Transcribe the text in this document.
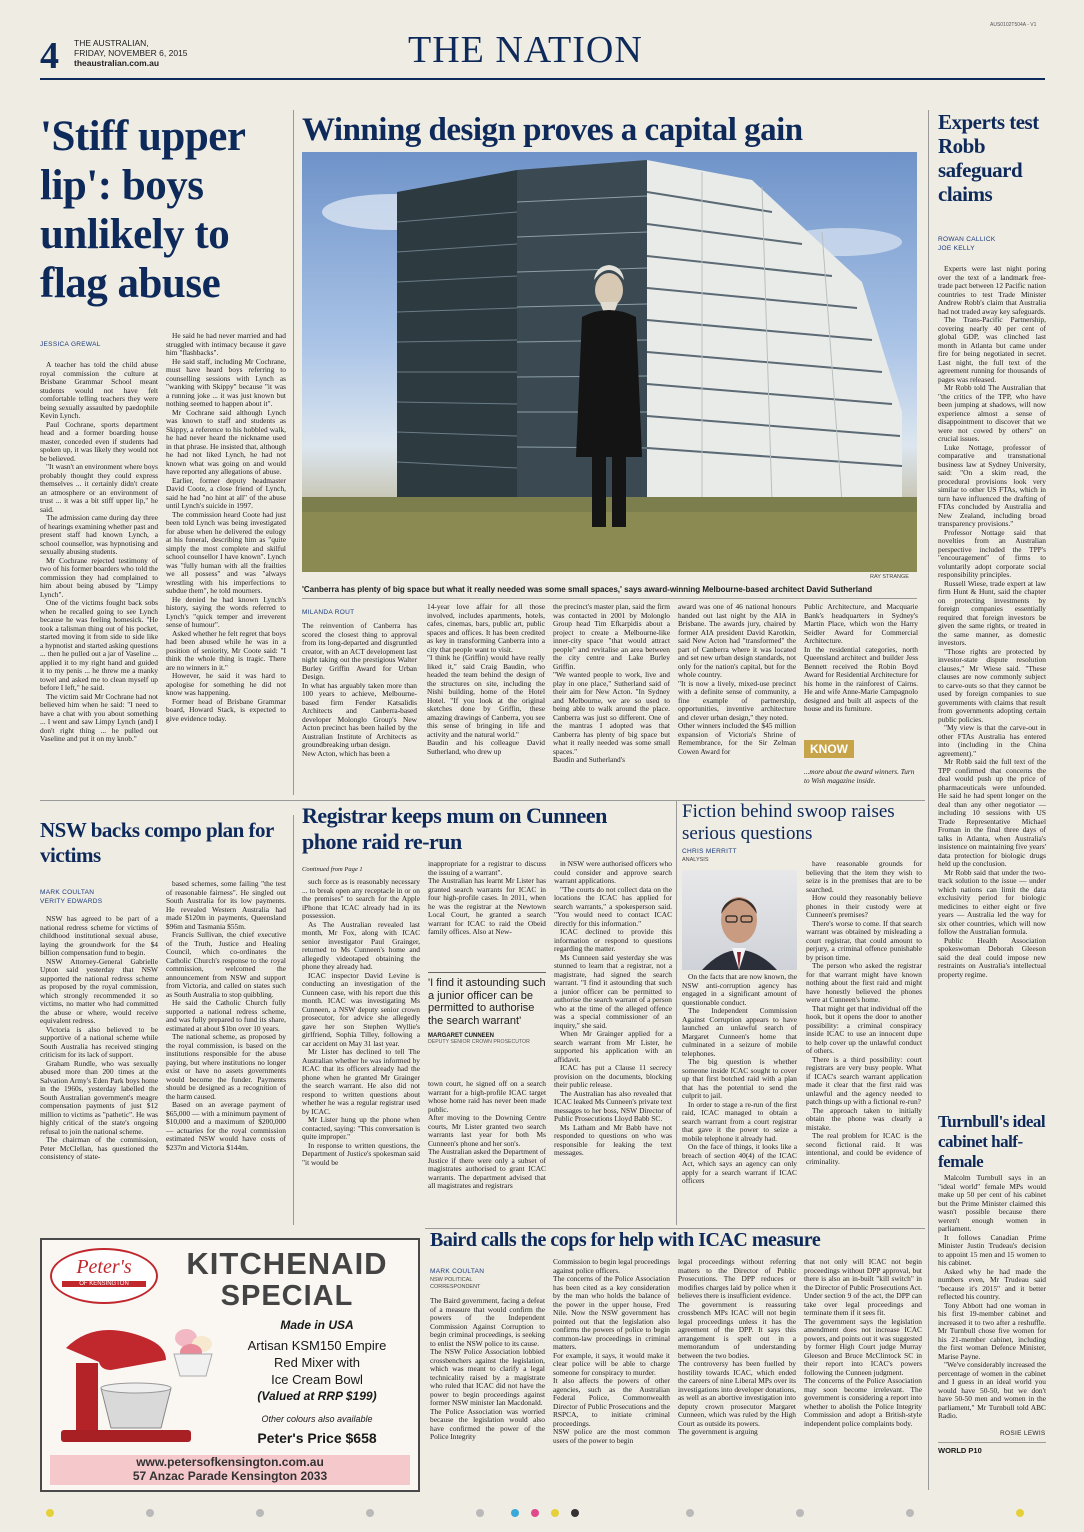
4 THE AUSTRALIAN,
FRIDAY, NOVEMBER 6, 2015
theaustralian.com.au	THE NATION
AUS0102T504A - V1
'Stiff upper lip': boys unlikely to flag abuse
JESSICA GREWAL

A teacher has told the child abuse royal commission the culture at Brisbane Grammar School meant students would not have felt comfortable telling teachers they were being sexually assaulted by paedophile Kevin Lynch.

Paul Cochrane, sports department head and a former boarding house master, conceded even if students had spoken up, it was likely they would not be believed.

"It wasn't an environment where boys probably thought they could express themselves ... it certainly didn't create an atmosphere or an environment of trust ... it was a bit stiff upper lip," he said.

The admission came during day three of hearings examining whether past and present staff had known Lynch, a school counsellor, was hypnotising and sexually abusing students.

Mr Cochrane rejected testimony of two of his former boarders who told the commission they had complained to him about being abused by "Limpy Lynch".

One of the victims fought back sobs when he recalled going to see Lynch because he was feeling homesick. "He took a talisman thing out of his pocket, started moving it from side to side like a hypnotist and started asking questions ... then he pulled out a jar of Vaseline ... applied it to my right hand and guided it to my penis ... he threw me a manky towel and asked me to clean myself up before I left," he said.

The victim said Mr Cochrane had not believed him when he said: "I need to have a chat with you about something ... I went and saw Limpy Lynch (and) I don't right thing ... he pulled out Vaseline and put it on my knob."

He said he had never married and had struggled with intimacy because it gave him "flashbacks".

He said staff, including Mr Cochrane, must have heard boys referring to counselling sessions with Lynch as "wanking with Skippy" because "it was a running joke ... it was just known but nothing seemed to happen about it".

Mr Cochrane said although Lynch was known to staff and students as Skippy, a reference to his hobbled walk, he had never heard the nickname used in that phrase. He insisted that, although he had not liked Lynch, he had not known what was going on and would have reported any allegations of abuse.

Earlier, former deputy headmaster David Coote, a close friend of Lynch, said he had "no hint at all" of the abuse until Lynch's suicide in 1997.

The commission heard Coote had just been told Lynch was being investigated for abuse when he delivered the eulogy at his funeral, describing him as "quite simply the most complete and skilful school counsellor I have known". Lynch was "fully human with all the frailties we all possess" and was "always wrestling with his imperfections to subdue them", he told mourners.

He denied he had known Lynch's history, saying the words referred to Lynch's "quick temper and irreverent sense of humour".

Asked whether he felt regret that boys had been abused while he was in a position of seniority, Mr Coote said: "I think the whole thing is tragic. There are no winners in it."

However, he said it was hard to apologise for something he did not know was happening.

Former head of Brisbane Grammar board, Howard Stack, is expected to give evidence today.

Winning design proves a capital gain
'Canberra has plenty of big space but what it really needed was some small spaces,' says award-winning Melbourne-based architect David Sutherland
RAY STRANGE
MILANDA ROUT
The reinvention of Canberra has scored the closest thing to approval from its long-departed and disgruntled creator, with an ACT development last night taking out the prestigious Walter Burley Griffin Award for Urban Design.
In what has arguably taken more than 100 years to achieve, Melbourne-based firm Fender Katsalidis Architects and Canberra-based developer Molonglo Group's New Acton precinct has been hailed by the Australian Institute of Architects as groundbreaking urban design.
New Acton, which has been a
14-year love affair for all those involved, includes apartments, hotels, cafes, cinemas, bars, public art, public spaces and offices. It has been credited as key in transforming Canberra into a city that people want to visit.
"I think he (Griffin) would have really liked it," said Craig Baudin, who headed the team behind the design of the structures on site, including the Nishi building, home of the Hotel Hotel. "If you look at the original sketches done by Griffin, these amazing drawings of Canberra, you see this sense of bringing in life and activity and the natural world."
Baudin and his colleague David Sutherland, who drew up
the precinct's master plan, said the firm was contacted in 2001 by Molonglo Group head Tim Efkarpidis about a project to create a Melbourne-like inner-city space "that would attract people" and revitalise an area between the city centre and Lake Burley Griffin.
"We wanted people to work, live and play in one place," Sutherland said of their aim for New Acton. "In Sydney and Melbourne, we are so used to being able to walk around the place. Canberra was just so different. One of the mantras I adopted was that Canberra has plenty of big space but what it really needed was some small spaces."
Baudin and Sutherland's
award was one of 46 national honours handed out last night by the AIA in Brisbane. The awards jury, chaired by former AIA president David Karotkin, said New Acton had "transformed" the part of Canberra where it was located and set new urban design standards, not only for the nation's capital, but for the whole country.
"It is now a lively, mixed-use precinct with a definite sense of community, a fine example of partnership, opportunities, inventive architecture and clever urban design," they noted.
Other winners included the $45 million expansion of Victoria's Shrine of Remembrance, for the Sir Zelman Cowen Award for
Public Architecture, and Macquarie Bank's headquarters in Sydney's Martin Place, which won the Harry Seidler Award for Commercial Architecture.
In the residential categories, north Queensland architect and builder Jess Bennett received the Robin Boyd Award for Residential Architecture for his home in the rainforest of Cairns. He and wife Anne-Marie Campagnolo designed and built all aspects of the house and its furniture.
KNOW
...more about the award winners. Turn to Wish magazine inside.
Experts test Robb safeguard claims
ROWAN CALLICK
JOE KELLY

Experts were last night poring over the text of a landmark free-trade pact between 12 Pacific nation countries to test Trade Minister Andrew Robb's claim that Australia had not traded away key safeguards.

The Trans-Pacific Partnership, covering nearly 40 per cent of global GDP, was clinched last month in Atlanta but came under fire for being negotiated in secret. Last night, the full text of the agreement running for thousands of pages was released.

Mr Robb told The Australian that "the critics of the TPP, who have been jumping at shadows, will now experience almost a sense of disappointment to discover that we were not cowed by others" on crucial issues.

Luke Nottage, professor of comparative and transnational business law at Sydney University, said: "On a skim read, the procedural provisions look very similar to other US FTAs, which in turn have influenced the drafting of FTAs concluded by Australia and New Zealand, including broad transparency provisions."

Professor Nottage said that novelties from an Australian perspective included the TPP's "encouragement" of firms to voluntarily adopt corporate social responsibility principles.

Russell Wiese, trade expert at law firm Hunt & Hunt, said the chapter on protecting investments by foreign companies essentially required that foreign investors be given the same rights, or treated in the same manner, as domestic investors.

"Those rights are protected by investor-state dispute resolution clauses," Mr Wiese said. "These clauses are now commonly subject to carve-outs so that they cannot be used by foreign companies to sue governments with claims that result from governments adopting certain public policies.

"My view is that the carve-out in other FTAs Australia has entered into (including in the China agreement)."

Mr Robb said the full text of the TPP confirmed that concerns the deal would push up the price of pharmaceuticals were unfounded. He said he had spent longer on the deal than any other negotiator — including 10 sessions with US Trade Representative Michael Froman in the final three days of talks in Atlanta, when Australia's insistence on maintaining five years' data protection for biologic drugs held up the conclusion.

Mr Robb said that under the two-track solution to the issue — under which nations can limit the data exclusivity period for biologic medicines to either eight or five years — Australia led the way for six other countries, which will now follow the Australian formula.

Public Health Association spokeswoman Deborah Gleeson said the deal could impose new restraints on Australia's intellectual property regime.

NSW backs compo plan for victims
MARK COULTAN
VERITY EDWARDS

NSW has agreed to be part of a national redress scheme for victims of childhood institutional sexual abuse, laying the groundwork for the $4 billion compensation fund to begin.

NSW Attorney-General Gabrielle Upton said yesterday that NSW supported the national redress scheme as proposed by the royal commission, which strongly recommended it so victims, no matter who had committed the abuse or where, would receive equivalent redress.

Victoria is also believed to be supportive of a national scheme while South Australia has received stinging criticism for its lack of support.

Graham Rundle, who was sexually abused more than 200 times at the Salvation Army's Eden Park boys home in the 1960s, yesterday labelled the South Australian government's meagre compensation payments of just $12 million to victims as "pathetic". He was highly critical of the state's ongoing refusal to join the national scheme.

The chairman of the commission, Peter McClellan, has questioned the consistency of state-

based schemes, some failing "the test of reasonable fairness". He singled out South Australia for its low payments. He revealed Western Australia had made $120m in payments, Queensland $96m and Tasmania $55m.

Francis Sullivan, the chief executive of the Truth, Justice and Healing Council, which co-ordinates the Catholic Church's response to the royal commission, welcomed the announcement from NSW and support from Victoria, and called on states such as South Australia to stop quibbling.

He said the Catholic Church fully supported a national redress scheme, and was fully prepared to fund its share, estimated at about $1bn over 10 years.

The national scheme, as proposed by the royal commission, is based on the institutions responsible for the abuse paying, but where institutions no longer exist or have no assets governments would become the funder. Payments should be designed as a recognition of the harm caused.

Based on an average payment of $65,000 — with a minimum payment of $10,000 and a maximum of $200,000 — actuaries for the royal commission estimated NSW would have costs of $237m and Victoria $144m.

Registrar keeps mum on Cunneen phone raid re-run
Continued from Page 1

such force as is reasonably necessary ... to break open any receptacle in or on the premises" to search for the Apple iPhone that ICAC already had in its possession.

As The Australian revealed last month, Mr Fox, along with ICAC senior investigator Paul Grainger, returned to Ms Cunneen's home and allegedly videotaped obtaining the phone they already had.

ICAC inspector David Levine is conducting an investigation of the Cunneen case, with his report due this month. ICAC was investigating Ms Cunneen, a NSW deputy senior crown prosecutor, for advice she allegedly gave her son Stephen Wyllie's girlfriend, Sophia Tilley, following a car accident on May 31 last year.

Mr Lister has declined to tell The Australian whether he was informed by ICAC that its officers already had the phone when he granted Mr Grainger the search warrant. He also did not respond to written questions about whether he was a regular registrar used by ICAC.

Mr Lister hung up the phone when contacted, saying: "This conversation is quite improper."

In response to written questions, the Department of Justice's spokesman said "it would be

inappropriate for a registrar to discuss the issuing of a warrant".
The Australian has learnt Mr Lister has granted search warrants for ICAC in four high-profile cases. In 2011, when he was the registrar at the Newtown Local Court, he granted a search warrant for ICAC to raid the Obeid family offices. Also at New-
'I find it astounding such a junior officer can be permitted to authorise the search warrant'
MARGARET CUNNEEN
DEPUTY SENIOR CROWN PROSECUTOR
town court, he signed off on a search warrant for a high-profile ICAC target whose home raid has never been made public.
After moving to the Downing Centre courts, Mr Lister granted two search warrants last year for both Ms Cunneen's phone and her son's.
The Australian asked the Department of Justice if there were only a subset of magistrates authorised to grant ICAC warrants. The department advised that all magistrates and registrars

in NSW were authorised officers who could consider and approve search warrant applications.

"The courts do not collect data on the locations the ICAC has applied for search warrants," a spokesperson said. "You would need to contact ICAC directly for this information."

ICAC declined to provide this information or respond to questions regarding the matter.

Ms Cunneen said yesterday she was stunned to learn that a registrar, not a magistrate, had signed the search warrant. "I find it astounding that such a junior officer can be permitted to authorise the search warrant of a person who at the time of the alleged offence was a special commissioner of an inquiry," she said.

When Mr Grainger applied for a search warrant from Mr Lister, he supported his application with an affidavit.

ICAC has put a Clause 11 secrecy provision on the documents, blocking their public release.

The Australian has also revealed that ICAC leaked Ms Cunneen's private text messages to her boss, NSW Director of Public Prosecutions Lloyd Babb SC.

Ms Latham and Mr Babb have not responded to questions on who was responsible for leaking the text messages.

Fiction behind swoop raises serious questions
CHRIS MERRITT
ANALYSIS

On the facts that are now known, the NSW anti-corruption agency has engaged in a significant amount of questionable conduct.

The Independent Commission Against Corruption appears to have launched an unlawful search of Margaret Cunneen's home that culminated in a seizure of mobile telephones.

The big question is whether someone inside ICAC sought to cover up that first botched raid with a plan that has the potential to send the culprit to jail.

In order to stage a re-run of the first raid, ICAC managed to obtain a search warrant from a court registrar that gave it the power to seize a mobile telephone it already had.

On the face of things, it looks like a breach of section 40(4) of the ICAC Act, which says an agency can only apply for a search warrant if ICAC officers

have reasonable grounds for believing that the item they wish to seize is in the premises that are to be searched.

How could they reasonably believe phones in their custody were at Cunneen's premises?

There's worse to come. If that search warrant was obtained by misleading a court registrar, that could amount to perjury, a criminal offence punishable by prison time.

The person who asked the registrar for that warrant might have known nothing about the first raid and might have honestly believed the phones were at Cunneen's home.

That might get that individual off the hook, but it opens the door to another possibility: a criminal conspiracy inside ICAC to use an innocent dupe to help cover up the unlawful conduct of others.

There is a third possibility: court registrars are very busy people. What if ICAC's search warrant application made it clear that the first raid was unlawful and the agency needed to patch things up with a fictional re-run?

The approach taken to initially obtain the phone was clearly a mistake.

The real problem for ICAC is the second fictional raid. It was intentional, and could be evidence of criminality.

Turnbull's ideal cabinet half-female

Malcolm Turnbull says in an "ideal world" female MPs would make up 50 per cent of his cabinet but the Prime Minister claimed this wasn't possible because there weren't enough women in parliament.

It follows Canadian Prime Minister Justin Trudeau's decision to appoint 15 men and 15 women to his cabinet.

Asked why he had made the numbers even, Mr Trudeau said "because it's 2015" and it better reflected his country.

Tony Abbott had one woman in his first 19-member cabinet and increased it to two after a reshuffle. Mr Turnbull chose five women for his 21-member cabinet, including the first woman Defence Minister, Marise Payne.

"We've considerably increased the percentage of women in the cabinet and I guess in an ideal world you would have 50-50, but we don't have 50-50 men and women in the parliament," Mr Turnbull told ABC Radio.

ROSIE LEWIS
WORLD P10
Baird calls the cops for help with ICAC measure
MARK COULTAN
NSW POLITICAL
CORRESPONDENT
The Baird government, facing a defeat of a measure that would confirm the powers of the Independent Commission Against Corruption to begin criminal proceedings, is seeking to enlist the NSW police to its cause.
The NSW Police Association lobbied crossbenchers against the legislation, which was meant to clarify a legal technicality raised by a magistrate who ruled that ICAC did not have the power to begin proceedings against former NSW minister Ian Macdonald.
The Police Association was worried because the legislation would also have confirmed the power of the Police Integrity
Commission to begin legal proceedings against police officers.
The concerns of the Police Association has been cited as a key consideration by the man who holds the balance of the power in the upper house, Fred Nile. Now the NSW government has pointed out that the legislation also confirms the powers of police to begin common-law proceedings in criminal matters.
For example, it says, it would make it clear police will be able to charge someone for conspiracy to murder.
It also affects the powers of other agencies, such as the Australian Federal Police, Commonwealth Director of Public Prosecutions and the RSPCA, to initiate criminal proceedings.
NSW police are the most common users of the power to begin
legal proceedings without referring matters to the Director of Public Prosecutions. The DPP reduces or modifies charges laid by police when it believes there is insufficient evidence.
The government is reassuring crossbench MPs ICAC will not begin legal proceedings unless it has the agreement of the DPP. It says this arrangement is spelt out in a memorandum of understanding between the two bodies.
The controversy has been fuelled by hostility towards ICAC, which ended the careers of nine Liberal MPs over its investigations into developer donations, as well as an abortive investigation into deputy crown prosecutor Margaret Cunneen, which was ruled by the High Court as outside its powers.
The government is arguing
that not only will ICAC not begin proceedings without DPP approval, but there is also an in-built "kill switch" in the Director of Public Prosecutions Act. Under section 9 of the act, the DPP can take over legal proceedings and terminate them if it sees fit.
The government says the legislation amendment does not increase ICAC powers, and points out it was suggested by former High Court judge Murray Gleeson and Bruce McClintock SC in their report into ICAC's powers following the Cunneen judgment.
The concerns of the Police Association may soon become irrelevant. The government is considering a report into whether to abolish the Police Integrity Commission and adopt a British-style independent police complaints body.
Peter's
OF KENSINGTON
KITCHENAID
SPECIAL
Made in USA
Artisan KSM150 Empire
Red Mixer with
Ice Cream Bowl
(Valued at RRP $199)
Other colours also available
Peter's Price $658
www.petersofkensington.com.au
57 Anzac Parade Kensington 2033
